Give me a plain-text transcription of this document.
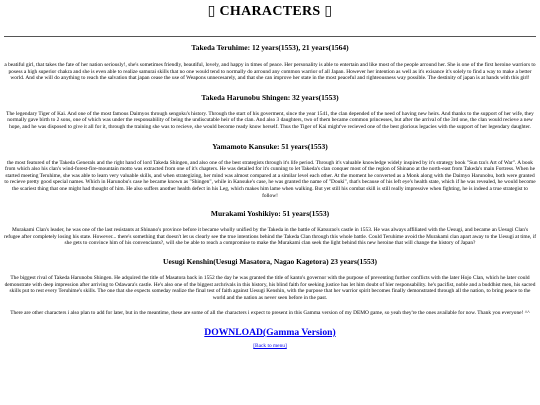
▯ CHARACTERS ▯

Takeda Teruhime: 12 years(1553), 21 years(1564)

a beatiful girl, that takes the fate of her nation seriously!, she's sometimes friendly, beautiful, lovely, and happy in times of peace. Her personality is able to entertain and like most of the people arround her. She is one of the first heroine warriors to posess a high superior chakra and she is even able to realize samurai skills that no one would tend to normally do arround any common warrior of all Japan. However her intention as well as it's exisance it's solely to find a way to make a better world. And she will do anything to reach the salvation that japan cease the use of Weapons unnecesarely, and that she can improve her state in the most peaceful and righteousness way possible. The destinity of japan is at hands with this girl!

Takeda Harunobu Shingen: 32 years(1553)

The legendary Tiger of Kai. And one of the most famous Daimyos through sengoku's history. Through the start of his goverment, since the year 1541, the clan depended of the need of having new heirs. And thanks to the support of her wife, they normally gave birth to 2 sons, one of which was under the responsability of being the undiscutable heir of the clan. And also 3 daughters, two of them became common princesses, but after the arrival of the 3rd one, the clan would recieve a new hope, and he was disposed to give it all for it, through the training she was to recieve, she would become ready know herself. Thus the Tiger of Kai might've recieved one of the best glorious legacies with the support of her legendary daughter.

Yamamoto Kansuke: 51 years(1553)

the most featured of the Takeda Generals and the right hand of lord Takeda Shingen, and also one of the best strategists through it's life period. Through it's valuable knowledge widely inspired by it's strategy book "Sun tzu's Art of War". A book from which also his clan's wind-forest-fire-mountain motto was extracted from one of it's chapters. He was detailed for it's cunning to let Takeda's clan conquer most of the region of Shinano at the north-east from Takeda's main Fortress. When he started meeting Teruhime, she was able to learn very valuable skills, and when strategizing, her mind was almost compared at a similar level each other. At the moment he converted as a Monk along with the Daimyo Harunobu, both were granted to recieve pretty good special names. Which in Harunobu's case he became known as "Shingen", while in Kansuke's case, he was granted the name of "Douki", that's because of his left eye's health state, which if he was revealed, he would become the scariest thing that one might had thought of him. He also suffers another health defect in his Leg, which makes him lame when walking. But yet still his combat skill is still really impressive when fighting, he is indeed a true strategist to follow!

Murakami Yoshikiyo: 51 years(1553)

Murakami Clan's leader, he was one of the last resistants at Shinano's province before it became wholly unified by the Takeda in the battle of Katsurao's castle in 1553. He was always affiliated with the Uesugi, and became an Uesugi Clan's refugee after completely losing his state. However... there's something that doesn't let us clearly see the true intentions behind the Takeda Clan through this whole battle. Could Teruhime avoid the Murakami clan apart away to the Uesugi at time, if she gets to convince him of his convenciants?, will she be able to reach a compromise to make the Murakami clan seek the light behind this new heroine that will change the history of Japan?

Uesugi Kenshin(Uesugi Masatora, Nagao Kagetora) 23 years(1553)

The biggest rival of Takeda Harunobu Shingen. He adquired the title of Masatora back in 1552 the day he was granted the title of kanto's governor with the purpose of preventing further conflicts with the later Hojo Clan, which he later could demonstrate with deep impression after arriving to Odawara's castle. He's also one of the biggest archrivals in this history, his blind faith for seeking justice has let him doubt of hier responsability. he's pacifist, noble and a buddhist men, his sacred skills put to rest every Teruhime's skills. The one that she expects someday realize the final test of faith against Uesugi Kenshin, with the purpose that her warrior spirit becomes finally demonstrated through all the nation, to bring peace to the world and the nation as never seen before in the past.

There are other characters i also plan to add for later, but in the meantime, these are some of all the characters i expect to present in this Gamma version of my DEMO game, so yeah they're the ones available for now. Thank you everyone! ^^

DOWNLOAD(Gamma Version)

[Back to menu]
